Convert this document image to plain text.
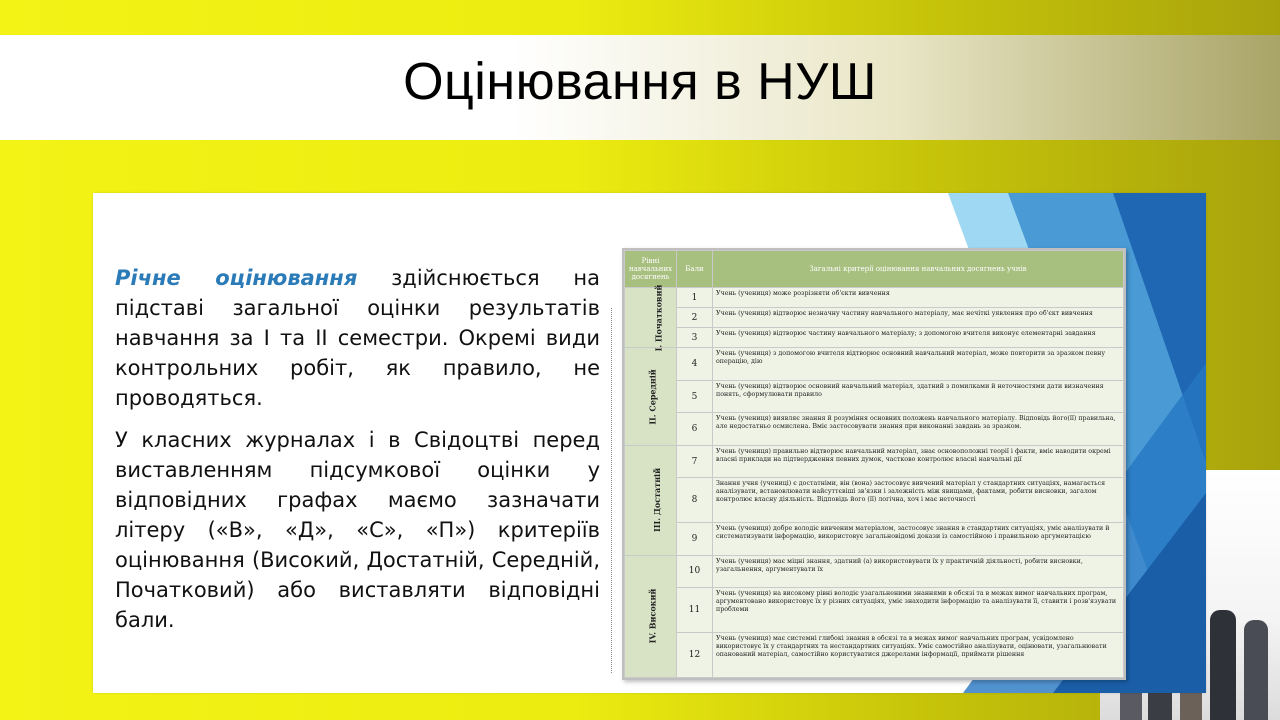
Оцінювання в НУШ

Річне оцінювання здійснюється на підставі загальної оцінки результатів навчання за І та ІІ семестри. Окремі види контрольних робіт, як правило, не проводяться.

У класних журналах і в Свідоцтві перед виставленням підсумкової оцінки у відповідних графах маємо зазначати літеру («В», «Д», «С», «П») критеріїв оцінювання (Високий, Достатній, Середній, Початковий) або виставляти відповідні бали.

Рівні навчальних досягнень	Бали	Загальні критерії оцінювання навчальних досягнень учнів
І. Початковий	1	Учень (учениця) може розрізняти об'єкти вивчення
	2	Учень (учениця) відтворює незначну частину навчального матеріалу, має нечіткі уявлення про об'єкт вивчення
	3	Учень (учениця) відтворює частину навчального матеріалу; з допомогою вчителя виконує елементарні завдання
ІІ. Середній	4	Учень (учениця) з допомогою вчителя відтворює основний навчальний матеріал, може повторити за зразком певну операцію, дію
	5	Учень (учениця) відтворює основний навчальний матеріал, здатний з помилками й неточностями дати визначення понять, сформулювати правило
	6	Учень (учениця) виявляє знання й розуміння основних положень навчального матеріалу. Відповідь його(її) правильна, але недостатньо осмислена. Вміє застосовувати знання при виконанні завдань за зразком.
ІІІ. Достатній	7	Учень (учениця) правильно відтворює навчальний матеріал, знає основоположні теорії і факти, вміє наводити окремі власні приклади на підтвердження певних думок, частково контролює власні навчальні дії
	8	Знання учня (учениці) є достатніми, він (вона) застосовує вивчений матеріал у стандартних ситуаціях, намагається аналізувати, встановлювати найсуттєвіші зв'язки і залежність між явищами, фактами, робити висновки, загалом контролює власну діяльність. Відповідь його (її) логічна, хоч і має неточності
	9	Учень (учениця) добре володіє вивченим матеріалом, застосовує знання в стандартних ситуаціях, уміє аналізувати й систематизувати інформацію, використовує загальновідомі докази із самостійною і правильною аргументацією
IV. Високий	10	Учень (учениця) має міцні знання, здатний (а) використовувати їх у практичній діяльності, робити висновки, узагальнення, аргументувати їх
	11	Учень (учениця) на високому рівні володіє узагальненими знаннями в обсязі та в межах вимог навчальних програм, аргументовано використовує їх у різних ситуаціях, уміє знаходити інформацію та аналізувати її, ставити і розв'язувати проблеми
	12	Учень (учениця) має системні глибокі знання в обсязі та в межах вимог навчальних програм, усвідомлено використовує їх у стандартних та нестандартних ситуаціях. Уміє самостійно аналізувати, оцінювати, узагальнювати опанований матеріал, самостійно користуватися джерелами інформації, приймати рішення
